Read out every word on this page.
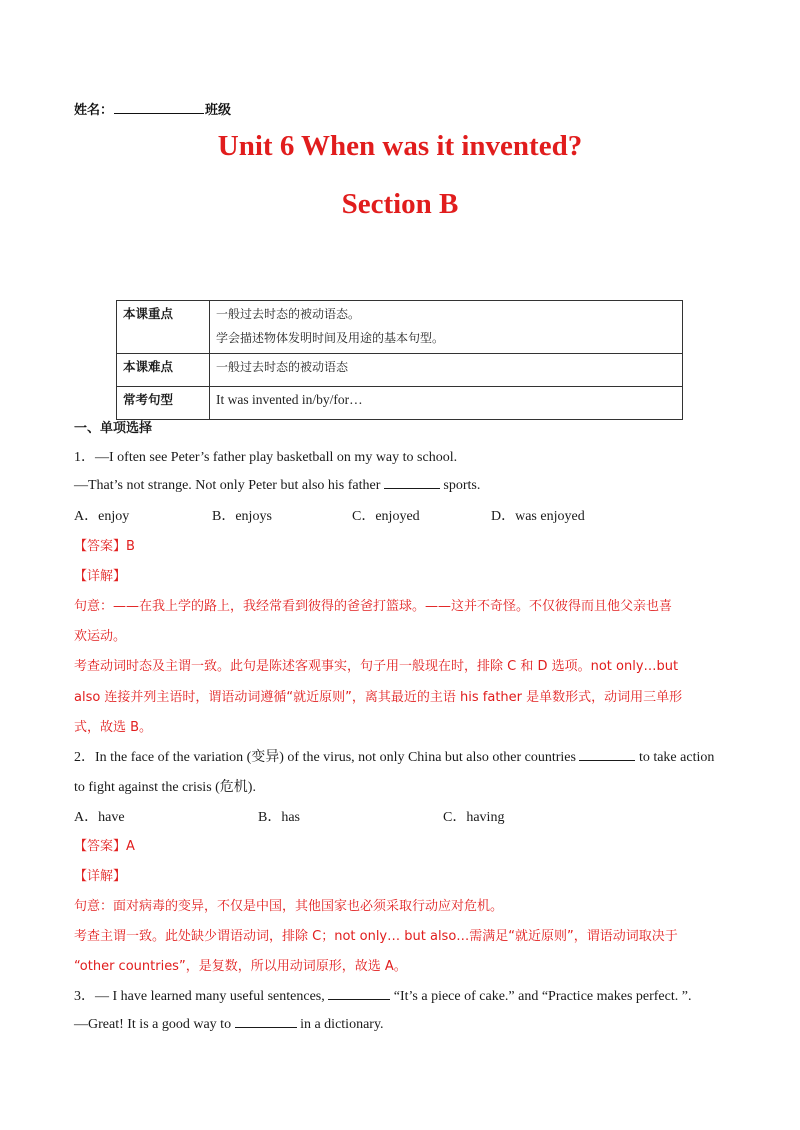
姓名：	班级
Unit 6 When was it invented?
Section B
本课重点	一般过去时态的被动语态。
学会描述物体发明时间及用途的基本句型。

本课难点	一般过去时态的被动语态
常考句型	It was invented in/by/for…
一、单项选择
1．—I often see Peter’s father play basketball on my way to school.
—That’s not strange. Not only Peter but also his father	sports.
A．enjoy	B．enjoys	C．enjoyed	D．was enjoyed
【答案】B
【详解】
句意：——在我上学的路上，我经常看到彼得的爸爸打篮球。——这并不奇怪。不仅彼得而且他父亲也喜
欢运动。
考查动词时态及主谓一致。此句是陈述客观事实，句子用一般现在时，排除 C 和 D 选项。not only…but
also 连接并列主语时，谓语动词遵循“就近原则”，离其最近的主语 his father 是单数形式，动词用三单形
式，故选 B。
2．In the face of the variation (变异) of the virus, not only China but also other countries	to take action
to fight against the crisis (危机).
A．have	B．has	C．having
【答案】A
【详解】
句意：面对病毒的变异，不仅是中国，其他国家也必须采取行动应对危机。
考查主谓一致。此处缺少谓语动词，排除 C；not only… but also…需满足“就近原则”，谓语动词取决于
“other countries”，是复数，所以用动词原形，故选 A。
3．— I have learned many useful sentences,	“It’s a piece of cake.” and “Practice makes perfect. ”.
—Great! It is a good way to	in a dictionary.
